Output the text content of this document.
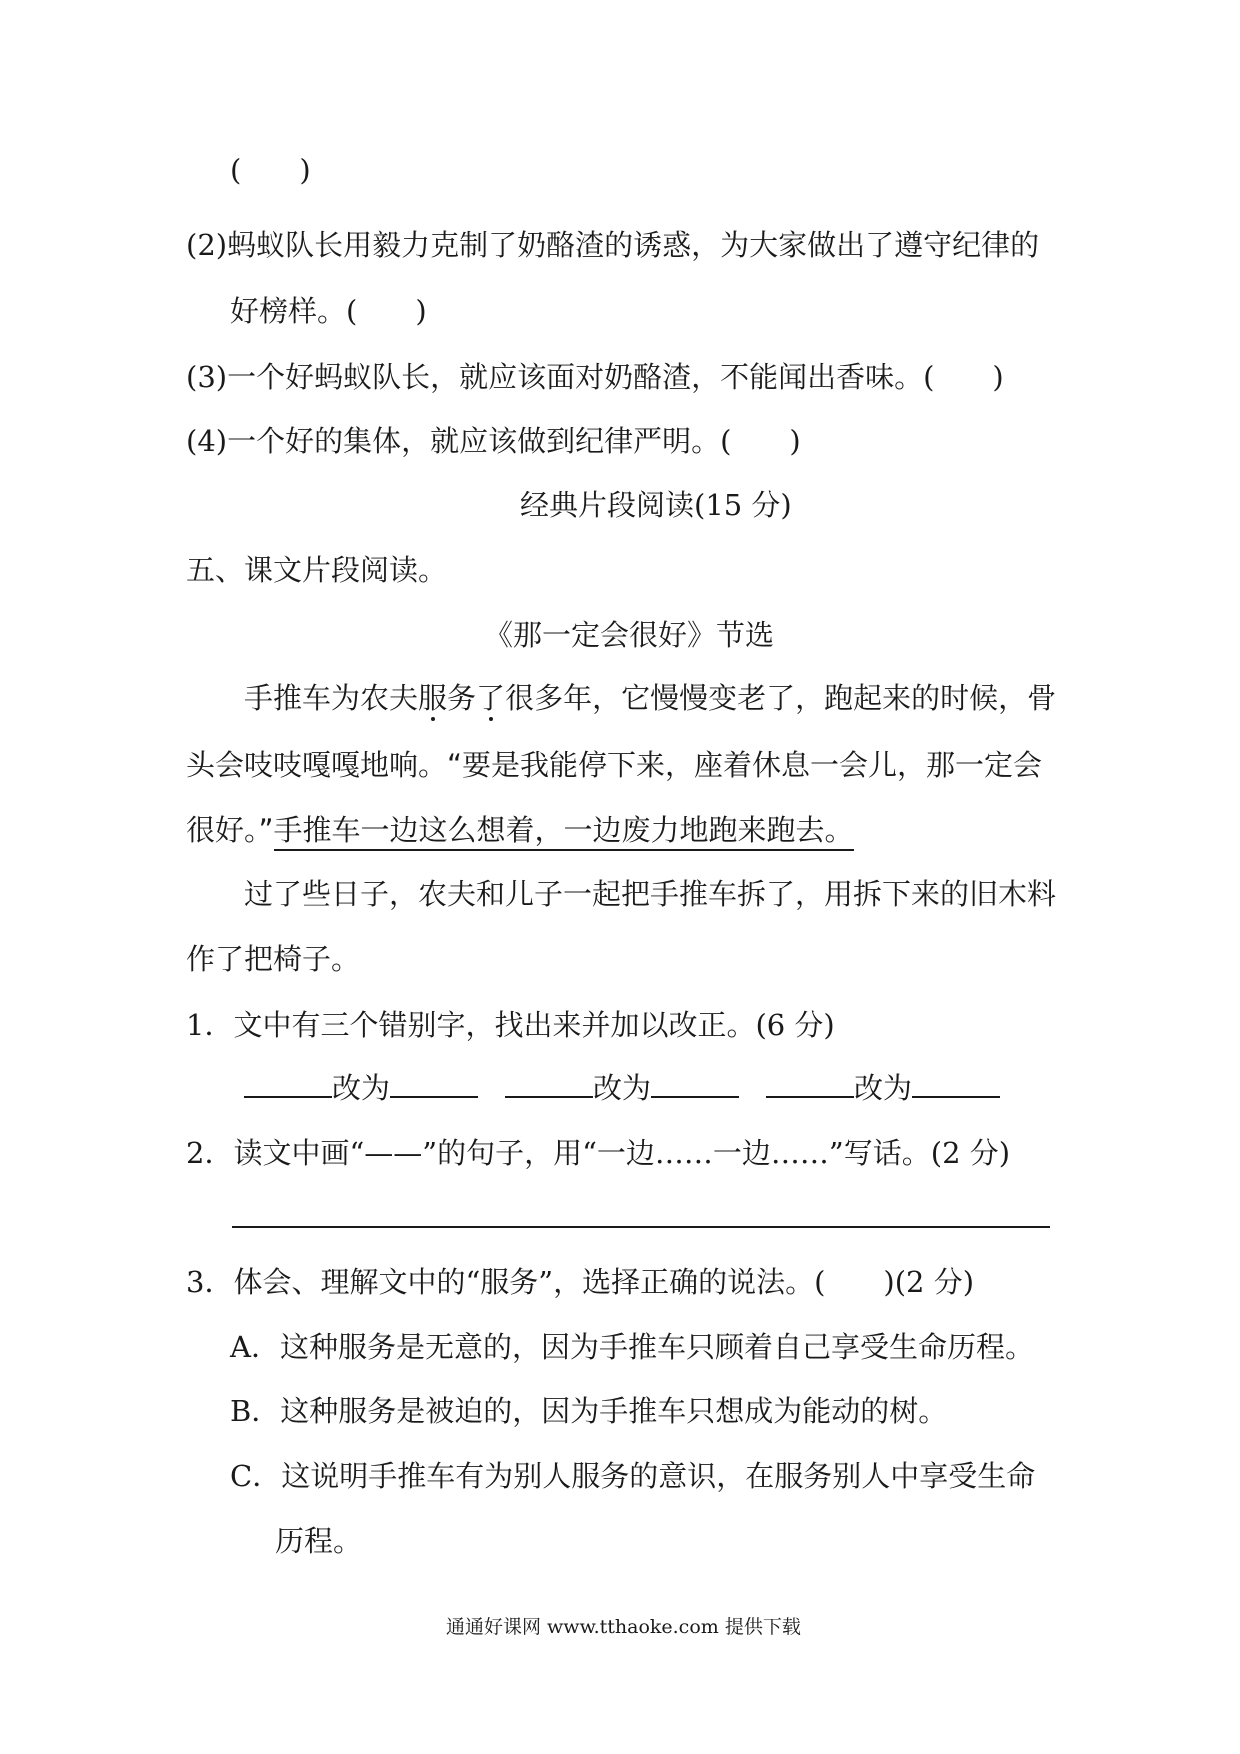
(　　)
(2)蚂蚁队长用毅力克制了奶酪渣的诱惑，为大家做出了遵守纪律的
好榜样。(　　)
(3)一个好蚂蚁队长，就应该面对奶酪渣，不能闻出香味。(　　)
(4)一个好的集体，就应该做到纪律严明。(　　)
经典片段阅读(15 分)
五、课文片段阅读。
《那一定会很好》节选
手推车为农夫服务了很多年，它慢慢变老了，跑起来的时候，骨
头会吱吱嘎嘎地响。“要是我能停下来，座着休息一会儿，那一定会
很好。”手推车一边这么想着，一边废力地跑来跑去。
过了些日子，农夫和儿子一起把手推车拆了，用拆下来的旧木料
作了把椅子。
1．文中有三个错别字，找出来并加以改正。(6 分)
改为	改为	改为
2．读文中画“——”的句子，用“一边……一边……”写话。(2 分)
3．体会、理解文中的“服务”，选择正确的说法。(　　)(2 分)
A．这种服务是无意的，因为手推车只顾着自己享受生命历程。
B．这种服务是被迫的，因为手推车只想成为能动的树。
C．这说明手推车有为别人服务的意识，在服务别人中享受生命
历程。
通通好课网 www.tthaoke.com 提供下载
